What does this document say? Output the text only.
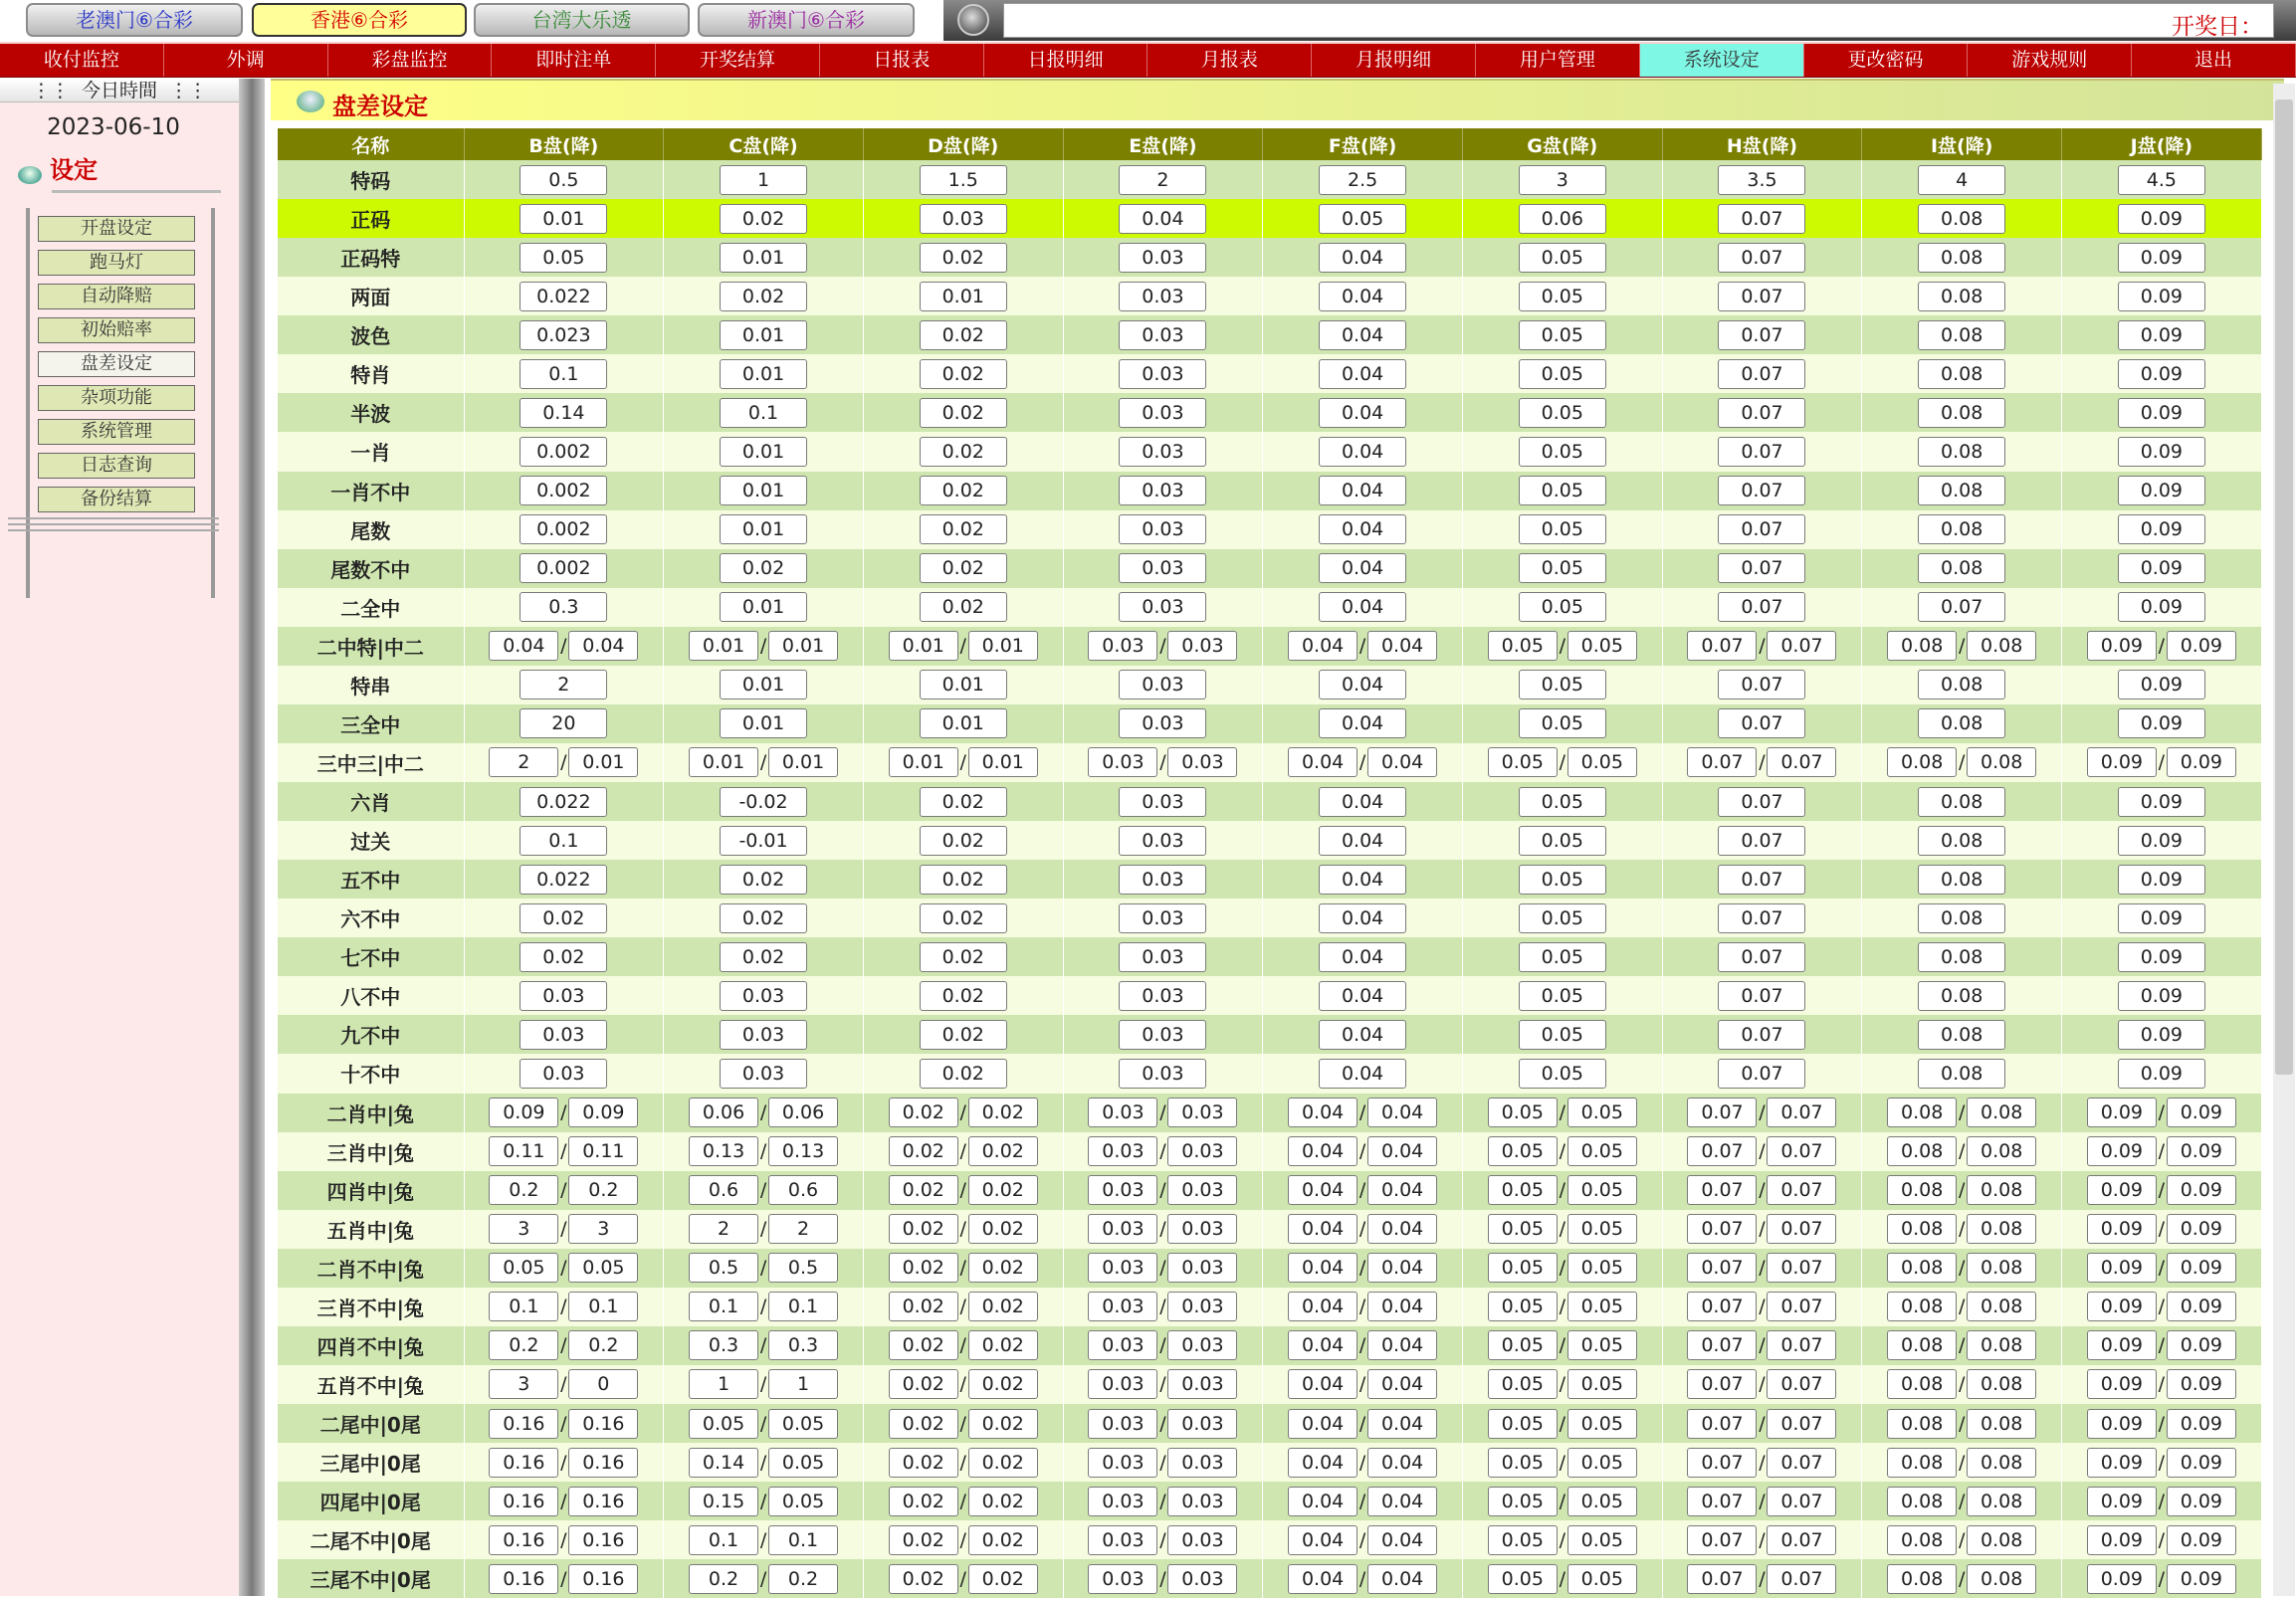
老澳门⑥合彩	香港⑥合彩	台湾大乐透	新澳门⑥合彩	开奖日：
收付监控	外调	彩盘监控	即时注单	开奖结算	日报表	日报明细	月报表	月报明细	用户管理	系统设定	更改密码	游戏规则	退出
⋮⋮  今日時間  ⋮⋮
2023-06-10
设定
开盘设定
跑马灯
自动降赔
初始赔率
盘差设定
杂项功能
系统管理
日志查询
备份结算
盘差设定
名称	B盘(降)	C盘(降)	D盘(降)	E盘(降)	F盘(降)	G盘(降)	H盘(降)	I盘(降)	J盘(降)
特码	0.5	1	1.5	2	2.5	3	3.5	4	4.5
正码	0.01	0.02	0.03	0.04	0.05	0.06	0.07	0.08	0.09
正码特	0.05	0.01	0.02	0.03	0.04	0.05	0.07	0.08	0.09
两面	0.022	0.02	0.01	0.03	0.04	0.05	0.07	0.08	0.09
波色	0.023	0.01	0.02	0.03	0.04	0.05	0.07	0.08	0.09
特肖	0.1	0.01	0.02	0.03	0.04	0.05	0.07	0.08	0.09
半波	0.14	0.1	0.02	0.03	0.04	0.05	0.07	0.08	0.09
一肖	0.002	0.01	0.02	0.03	0.04	0.05	0.07	0.08	0.09
一肖不中	0.002	0.01	0.02	0.03	0.04	0.05	0.07	0.08	0.09
尾数	0.002	0.01	0.02	0.03	0.04	0.05	0.07	0.08	0.09
尾数不中	0.002	0.02	0.02	0.03	0.04	0.05	0.07	0.08	0.09
二全中	0.3	0.01	0.02	0.03	0.04	0.05	0.07	0.07	0.09
二中特|中二	0.04 / 0.04	0.01 / 0.01	0.01 / 0.01	0.03 / 0.03	0.04 / 0.04	0.05 / 0.05	0.07 / 0.07	0.08 / 0.08	0.09 / 0.09
特串	2	0.01	0.01	0.03	0.04	0.05	0.07	0.08	0.09
三全中	20	0.01	0.01	0.03	0.04	0.05	0.07	0.08	0.09
三中三|中二	2 / 0.01	0.01 / 0.01	0.01 / 0.01	0.03 / 0.03	0.04 / 0.04	0.05 / 0.05	0.07 / 0.07	0.08 / 0.08	0.09 / 0.09
六肖	0.022	-0.02	0.02	0.03	0.04	0.05	0.07	0.08	0.09
过关	0.1	-0.01	0.02	0.03	0.04	0.05	0.07	0.08	0.09
五不中	0.022	0.02	0.02	0.03	0.04	0.05	0.07	0.08	0.09
六不中	0.02	0.02	0.02	0.03	0.04	0.05	0.07	0.08	0.09
七不中	0.02	0.02	0.02	0.03	0.04	0.05	0.07	0.08	0.09
八不中	0.03	0.03	0.02	0.03	0.04	0.05	0.07	0.08	0.09
九不中	0.03	0.03	0.02	0.03	0.04	0.05	0.07	0.08	0.09
十不中	0.03	0.03	0.02	0.03	0.04	0.05	0.07	0.08	0.09
二肖中|兔	0.09 / 0.09	0.06 / 0.06	0.02 / 0.02	0.03 / 0.03	0.04 / 0.04	0.05 / 0.05	0.07 / 0.07	0.08 / 0.08	0.09 / 0.09
三肖中|兔	0.11 / 0.11	0.13 / 0.13	0.02 / 0.02	0.03 / 0.03	0.04 / 0.04	0.05 / 0.05	0.07 / 0.07	0.08 / 0.08	0.09 / 0.09
四肖中|兔	0.2 / 0.2	0.6 / 0.6	0.02 / 0.02	0.03 / 0.03	0.04 / 0.04	0.05 / 0.05	0.07 / 0.07	0.08 / 0.08	0.09 / 0.09
五肖中|兔	3 / 3	2 / 2	0.02 / 0.02	0.03 / 0.03	0.04 / 0.04	0.05 / 0.05	0.07 / 0.07	0.08 / 0.08	0.09 / 0.09
二肖不中|兔	0.05 / 0.05	0.5 / 0.5	0.02 / 0.02	0.03 / 0.03	0.04 / 0.04	0.05 / 0.05	0.07 / 0.07	0.08 / 0.08	0.09 / 0.09
三肖不中|兔	0.1 / 0.1	0.1 / 0.1	0.02 / 0.02	0.03 / 0.03	0.04 / 0.04	0.05 / 0.05	0.07 / 0.07	0.08 / 0.08	0.09 / 0.09
四肖不中|兔	0.2 / 0.2	0.3 / 0.3	0.02 / 0.02	0.03 / 0.03	0.04 / 0.04	0.05 / 0.05	0.07 / 0.07	0.08 / 0.08	0.09 / 0.09
五肖不中|兔	3 / 0	1 / 1	0.02 / 0.02	0.03 / 0.03	0.04 / 0.04	0.05 / 0.05	0.07 / 0.07	0.08 / 0.08	0.09 / 0.09
二尾中|0尾	0.16 / 0.16	0.05 / 0.05	0.02 / 0.02	0.03 / 0.03	0.04 / 0.04	0.05 / 0.05	0.07 / 0.07	0.08 / 0.08	0.09 / 0.09
三尾中|0尾	0.16 / 0.16	0.14 / 0.05	0.02 / 0.02	0.03 / 0.03	0.04 / 0.04	0.05 / 0.05	0.07 / 0.07	0.08 / 0.08	0.09 / 0.09
四尾中|0尾	0.16 / 0.16	0.15 / 0.05	0.02 / 0.02	0.03 / 0.03	0.04 / 0.04	0.05 / 0.05	0.07 / 0.07	0.08 / 0.08	0.09 / 0.09
二尾不中|0尾	0.16 / 0.16	0.1 / 0.1	0.02 / 0.02	0.03 / 0.03	0.04 / 0.04	0.05 / 0.05	0.07 / 0.07	0.08 / 0.08	0.09 / 0.09
三尾不中|0尾	0.16 / 0.16	0.2 / 0.2	0.02 / 0.02	0.03 / 0.03	0.04 / 0.04	0.05 / 0.05	0.07 / 0.07	0.08 / 0.08	0.09 / 0.09
